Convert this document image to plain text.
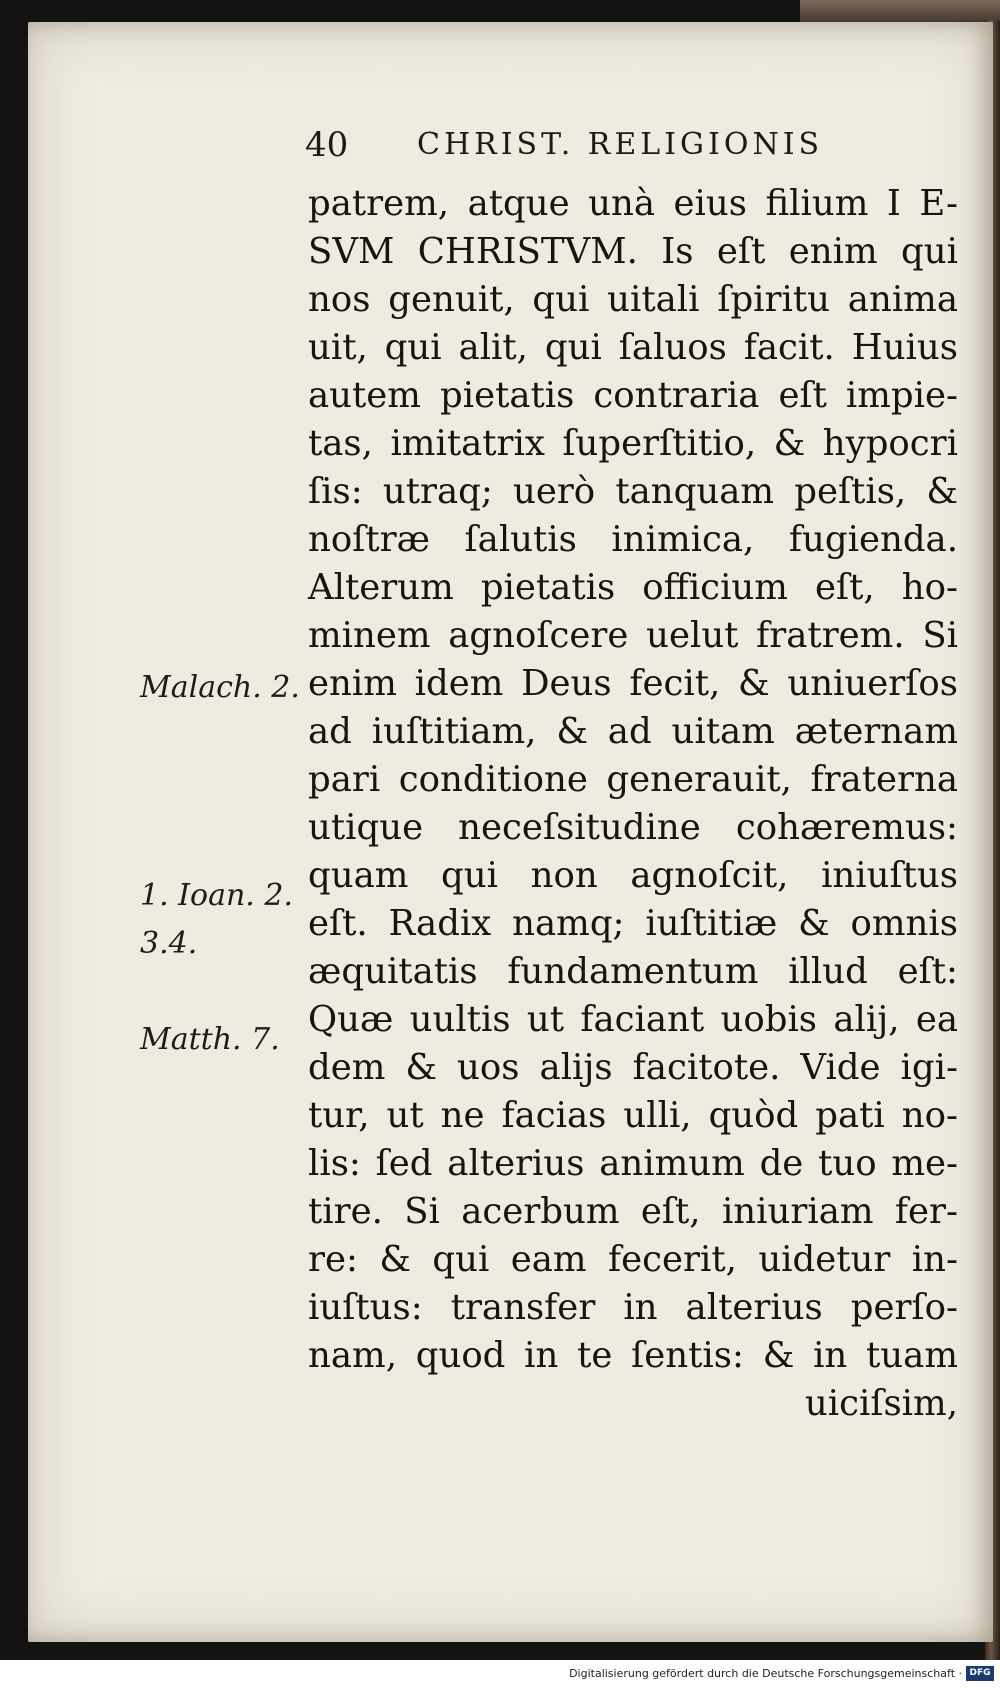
40 CHRIST. RELIGIONIS
patrem, atque unà eius filium I E-
SVM CHRISTVM. Is eſt enim qui
nos genuit, qui uitali ſpiritu anima
uit, qui alit, qui ſaluos facit. Huius
autem pietatis contraria eſt impie-
tas, imitatrix ſuperſtitio, & hypocri
ſis: utraq; uerò tanquam peſtis, &
noſtræ ſalutis inimica, fugienda.
Alterum pietatis officium eſt, ho-
minem agnoſcere uelut fratrem. Si
enim idem Deus fecit, & uniuerſos
ad iuſtitiam, & ad uitam æternam
pari conditione generauit, fraterna
utique neceſsitudine cohæremus:
quam qui non agnoſcit, iniuſtus
eſt. Radix namq; iuſtitiæ & omnis
æquitatis fundamentum illud eſt:
Quæ uultis ut faciant uobis alij, ea
dem & uos alijs facitote. Vide igi-
tur, ut ne facias ulli, quòd pati no-
lis: ſed alterius animum de tuo me-
tire. Si acerbum eſt, iniuriam fer-
re: & qui eam fecerit, uidetur in-
iuſtus: transfer in alterius perſo-
nam, quod in te ſentis: & in tuam
uiciſsim,
Malach. 2.
1. Ioan. 2.
3.4.
Matth. 7.
Digitalisierung gefördert durch die Deutsche Forschungsgemeinschaft · DFG
